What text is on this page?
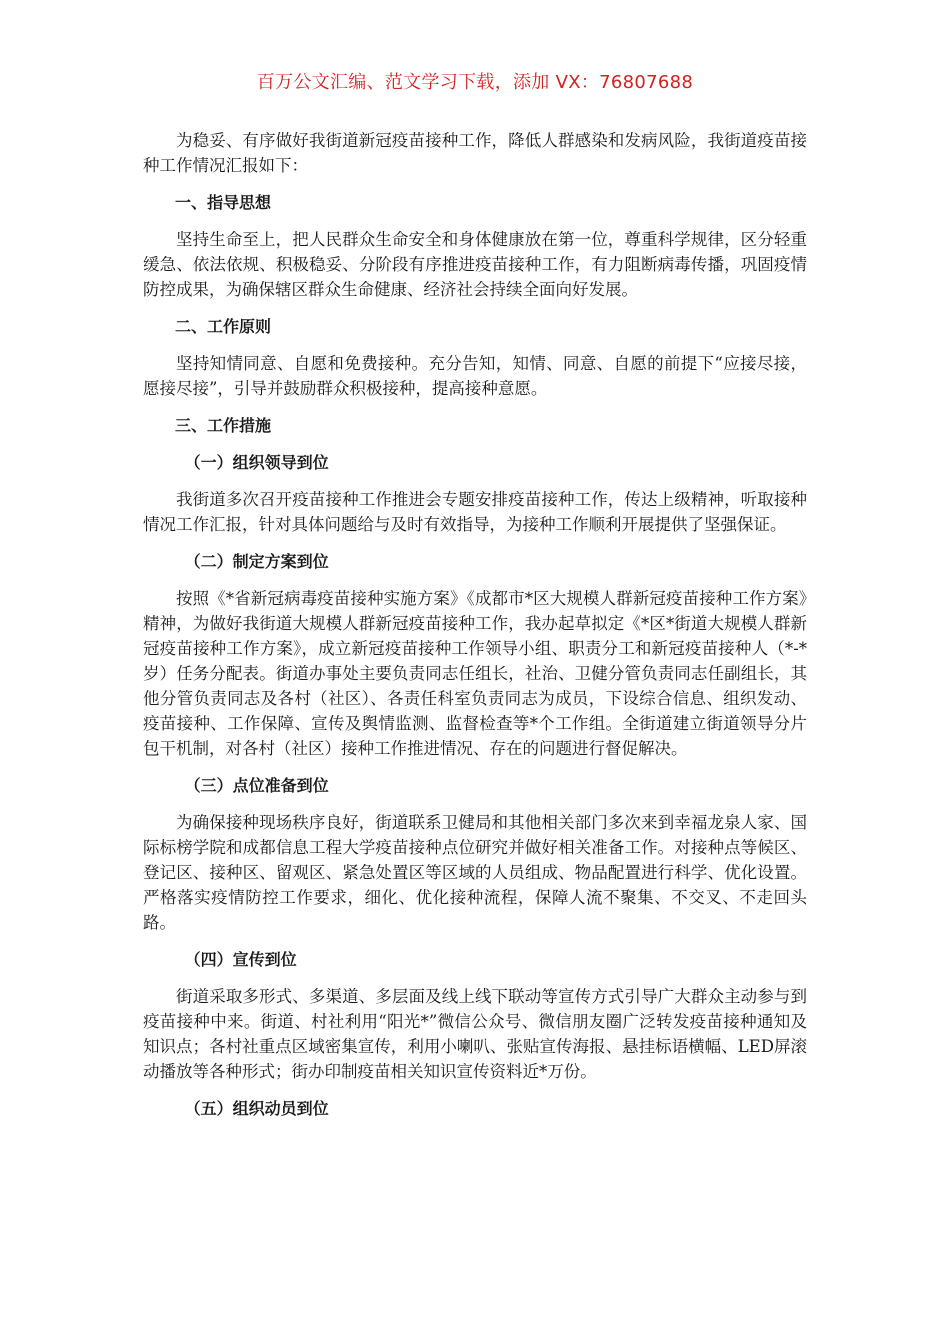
百万公文汇编、范文学习下载，添加 VX：76807688

为稳妥、有序做好我街道新冠疫苗接种工作，降低人群感染和发病风险，我街道疫苗接种工作情况汇报如下：

一、指导思想

坚持生命至上，把人民群众生命安全和身体健康放在第一位，尊重科学规律，区分轻重缓急、依法依规、积极稳妥、分阶段有序推进疫苗接种工作，有力阻断病毒传播，巩固疫情防控成果，为确保辖区群众生命健康、经济社会持续全面向好发展。

二、工作原则

坚持知情同意、自愿和免费接种。充分告知，知情、同意、自愿的前提下“应接尽接，愿接尽接”，引导并鼓励群众积极接种，提高接种意愿。

三、工作措施
（一）组织领导到位

我街道多次召开疫苗接种工作推进会专题安排疫苗接种工作，传达上级精神，听取接种情况工作汇报，针对具体问题给与及时有效指导，为接种工作顺利开展提供了坚强保证。

（二）制定方案到位

按照《*省新冠病毒疫苗接种实施方案》《成都市*区大规模人群新冠疫苗接种工作方案》精神，为做好我街道大规模人群新冠疫苗接种工作，我办起草拟定《*区*街道大规模人群新冠疫苗接种工作方案》，成立新冠疫苗接种工作领导小组、职责分工和新冠疫苗接种人（*-*岁）任务分配表。街道办事处主要负责同志任组长，社治、卫健分管负责同志任副组长，其他分管负责同志及各村（社区）、各责任科室负责同志为成员，下设综合信息、组织发动、疫苗接种、工作保障、宣传及舆情监测、监督检查等*个工作组。全街道建立街道领导分片包干机制，对各村（社区）接种工作推进情况、存在的问题进行督促解决。

（三）点位准备到位

为确保接种现场秩序良好，街道联系卫健局和其他相关部门多次来到幸福龙泉人家、国际标榜学院和成都信息工程大学疫苗接种点位研究并做好相关准备工作。对接种点等候区、登记区、接种区、留观区、紧急处置区等区域的人员组成、物品配置进行科学、优化设置。严格落实疫情防控工作要求，细化、优化接种流程，保障人流不聚集、不交叉、不走回头路。

（四）宣传到位

街道采取多形式、多渠道、多层面及线上线下联动等宣传方式引导广大群众主动参与到疫苗接种中来。街道、村社利用“阳光*”微信公众号、微信朋友圈广泛转发疫苗接种通知及知识点；各村社重点区域密集宣传，利用小喇叭、张贴宣传海报、悬挂标语横幅、LED屏滚动播放等各种形式；街办印制疫苗相关知识宣传资料近*万份。

（五）组织动员到位
